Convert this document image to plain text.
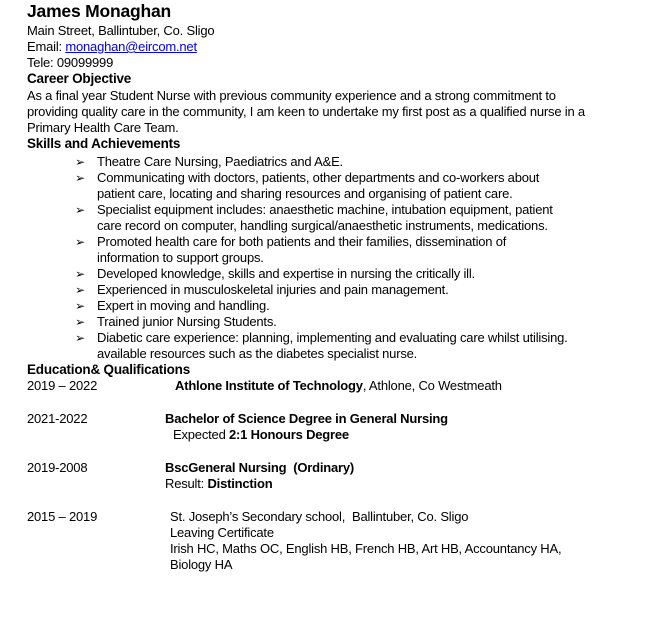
James Monaghan
Main Street, Ballintuber, Co. Sligo
Email: monaghan@eircom.net
Tele: 09099999
Career Objective

As a final year Student Nurse with previous community experience and a strong commitment to providing quality care in the community, I am keen to undertake my first post as a qualified nurse in a Primary Health Care Team.

Skills and Achievements
➢ Theatre Care Nursing, Paediatrics and A&E.
➢ Communicating with doctors, patients, other departments and co-workers about patient care, locating and sharing resources and organising of patient care.
➢ Specialist equipment includes: anaesthetic machine, intubation equipment, patient care record on computer, handling surgical/anaesthetic instruments, medications.
➢ Promoted health care for both patients and their families, dissemination of information to support groups.
➢ Developed knowledge, skills and expertise in nursing the critically ill.
➢ Experienced in musculoskeletal injuries and pain management.
➢ Expert in moving and handling.
➢ Trained junior Nursing Students.
➢ Diabetic care experience: planning, implementing and evaluating care whilst utilising. available resources such as the diabetes specialist nurse.
Education& Qualifications
2019 – 2022	Athlone Institute of Technology, Athlone, Co Westmeath
2021-2022	Bachelor of Science Degree in General Nursing
Expected 2:1 Honours Degree
2019-2008	BscGeneral Nursing  (Ordinary)
Result: Distinction
2015 – 2019	St. Joseph’s Secondary school,  Ballintuber, Co. Sligo
Leaving Certificate
Irish HC, Maths OC, English HB, French HB, Art HB, Accountancy HA,
Biology HA
